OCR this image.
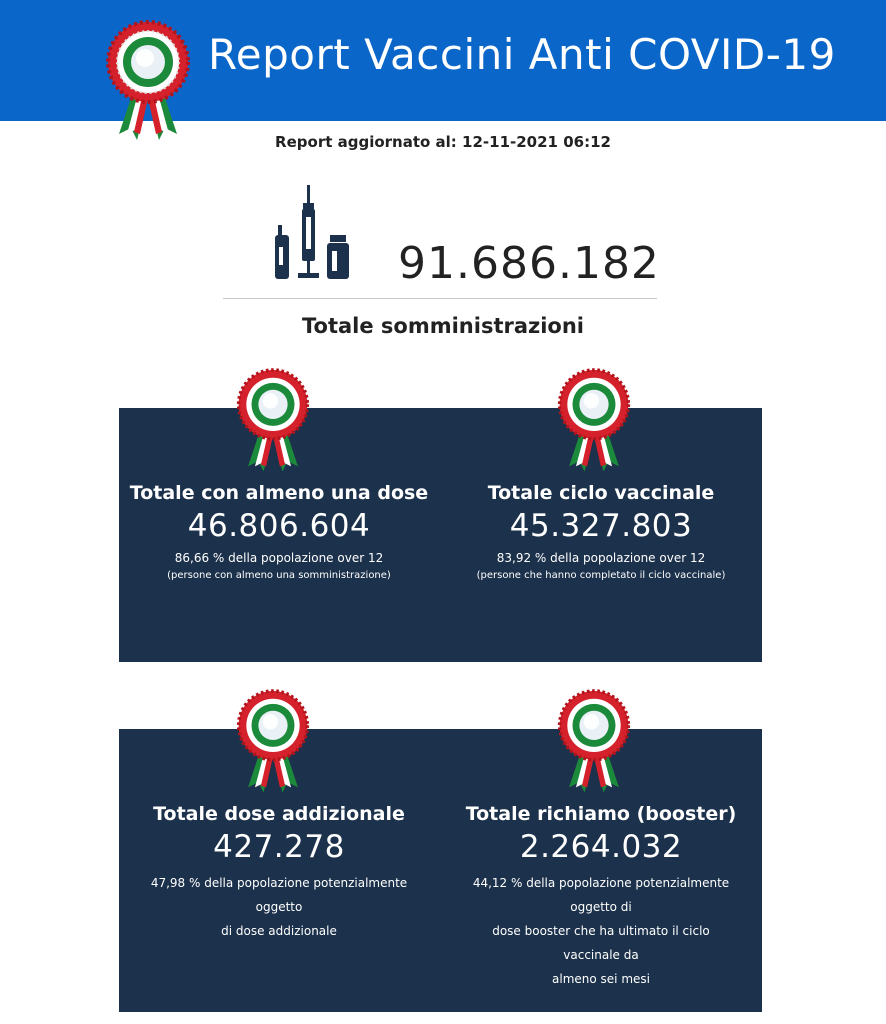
Report Vaccini Anti COVID-19
Report aggiornato al: 12-11-2021 06:12
91.686.182
Totale somministrazioni
Totale con almeno una dose
46.806.604
86,66 % della popolazione over 12
(persone con almeno una somministrazione)
Totale ciclo vaccinale
45.327.803
83,92 % della popolazione over 12
(persone che hanno completato il ciclo vaccinale)
Totale dose addizionale
427.278
47,98 % della popolazione potenzialmente
oggetto
di dose addizionale
Totale richiamo (booster)
2.264.032
44,12 % della popolazione potenzialmente
oggetto di
dose booster che ha ultimato il ciclo
vaccinale da
almeno sei mesi
